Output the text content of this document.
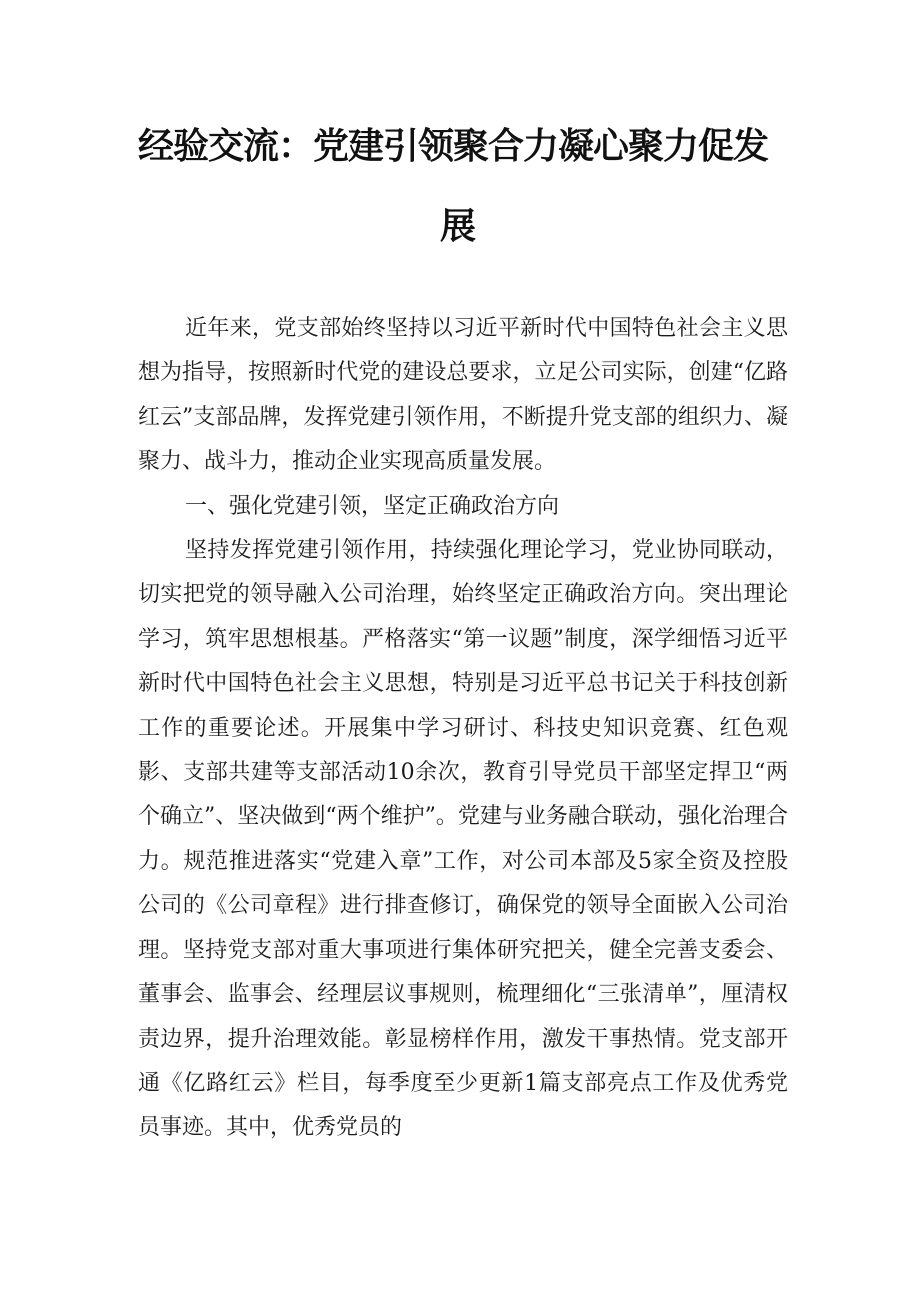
经验交流：党建引领聚合力凝心聚力促发
展

近年来，党支部始终坚持以习近平新时代中国特色社会主义思想为指导，按照新时代党的建设总要求，立足公司实际，创建“亿路红云”支部品牌，发挥党建引领作用，不断提升党支部的组织力、凝聚力、战斗力，推动企业实现高质量发展。

一、强化党建引领，坚定正确政治方向

坚持发挥党建引领作用，持续强化理论学习，党业协同联动，切实把党的领导融入公司治理，始终坚定正确政治方向。突出理论学习，筑牢思想根基。严格落实“第一议题”制度，深学细悟习近平新时代中国特色社会主义思想，特别是习近平总书记关于科技创新工作的重要论述。开展集中学习研讨、科技史知识竞赛、红色观影、支部共建等支部活动10余次，教育引导党员干部坚定捍卫“两个确立”、坚决做到“两个维护”。党建与业务融合联动，强化治理合力。规范推进落实“党建入章”工作，对公司本部及5家全资及控股公司的《公司章程》进行排查修订，确保党的领导全面嵌入公司治理。坚持党支部对重大事项进行集体研究把关，健全完善支委会、董事会、监事会、经理层议事规则，梳理细化“三张清单”，厘清权责边界，提升治理效能。彰显榜样作用，激发干事热情。党支部开通《亿路红云》栏目，每季度至少更新1篇支部亮点工作及优秀党员事迹。其中，优秀党员的
